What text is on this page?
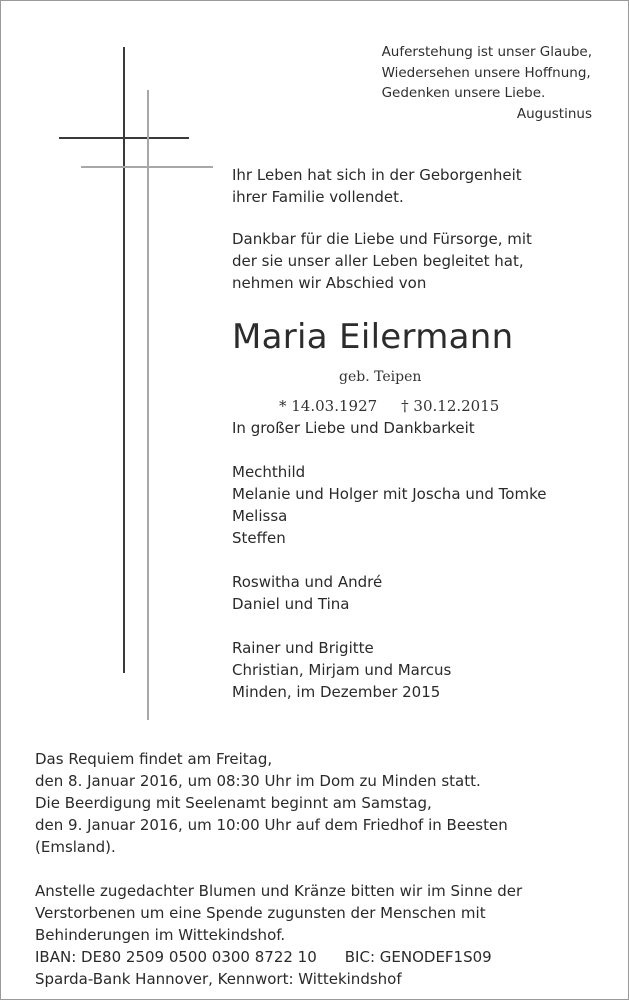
Auferstehung ist unser Glaube,
Wiedersehen unsere Hoffnung,
Gedenken unsere Liebe.
Augustinus

Ihr Leben hat sich in der Geborgenheit

ihrer Familie vollendet.

Dankbar für die Liebe und Fürsorge, mit

der sie unser aller Leben begleitet hat,

nehmen wir Abschied von

Maria Eilermann
geb. Teipen
* 14.03.1927 † 30.12.2015

In großer Liebe und Dankbarkeit

Mechthild
Melanie und Holger mit Joscha und Tomke
Melissa
Steffen
Roswitha und André
Daniel und Tina
Rainer und Brigitte
Christian, Mirjam und Marcus

Minden, im Dezember 2015

Das Requiem findet am Freitag,
den 8. Januar 2016, um 08:30 Uhr im Dom zu Minden statt.
Die Beerdigung mit Seelenamt beginnt am Samstag,
den 9. Januar 2016, um 10:00 Uhr auf dem Friedhof in Beesten
(Emsland).
Anstelle zugedachter Blumen und Kränze bitten wir im Sinne der
Verstorbenen um eine Spende zugunsten der Menschen mit
Behinderungen im Wittekindshof.
IBAN: DE80 2509 0500 0300 8722 10 BIC: GENODEF1S09
Sparda-Bank Hannover, Kennwort: Wittekindshof
